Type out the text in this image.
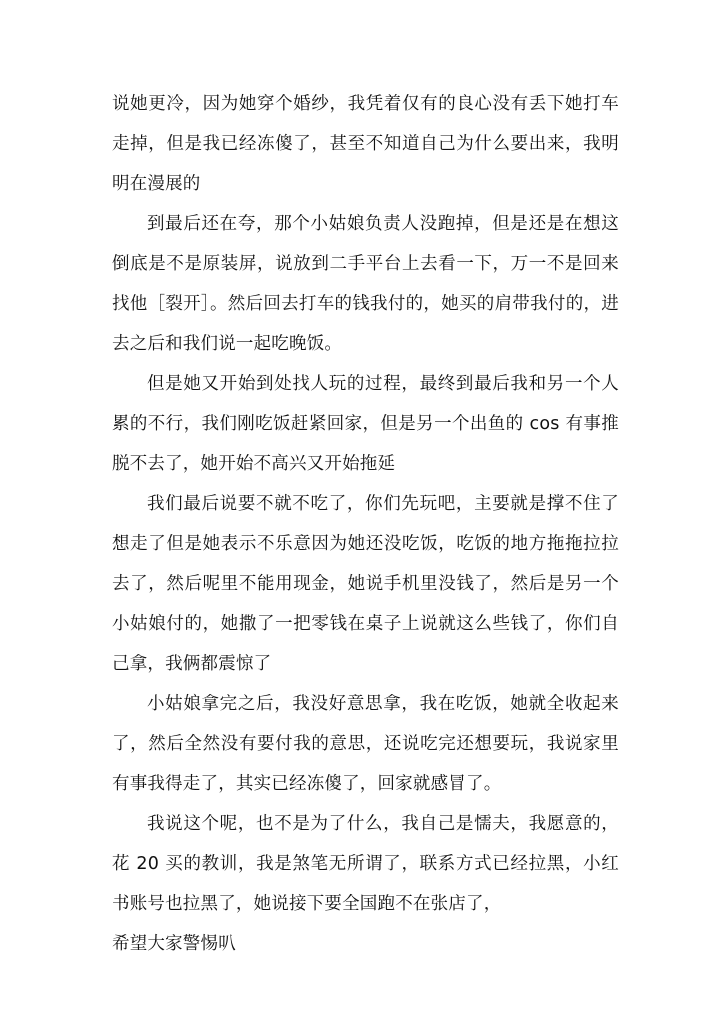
说她更冷，因为她穿个婚纱，我凭着仅有的良心没有丢下她打车走掉，但是我已经冻傻了，甚至不知道自己为什么要出来，我明明在漫展的

到最后还在夸，那个小姑娘负责人没跑掉，但是还是在想这倒底是不是原装屏，说放到二手平台上去看一下，万一不是回来找他［裂开］。然后回去打车的钱我付的，她买的肩带我付的，进去之后和我们说一起吃晚饭。

但是她又开始到处找人玩的过程，最终到最后我和另一个人累的不行，我们刚吃饭赶紧回家，但是另一个出鱼的 cos 有事推脱不去了，她开始不高兴又开始拖延

我们最后说要不就不吃了，你们先玩吧，主要就是撑不住了想走了但是她表示不乐意因为她还没吃饭，吃饭的地方拖拖拉拉去了，然后呢里不能用现金，她说手机里没钱了，然后是另一个小姑娘付的，她撒了一把零钱在桌子上说就这么些钱了，你们自己拿，我俩都震惊了

小姑娘拿完之后，我没好意思拿，我在吃饭，她就全收起来了，然后全然没有要付我的意思，还说吃完还想要玩，我说家里有事我得走了，其实已经冻傻了，回家就感冒了。

我说这个呢，也不是为了什么，我自己是懦夫，我愿意的，花 20 买的教训，我是煞笔无所谓了，联系方式已经拉黑，小红书账号也拉黑了，她说接下要全国跑不在张店了，

希望大家警惕叭
